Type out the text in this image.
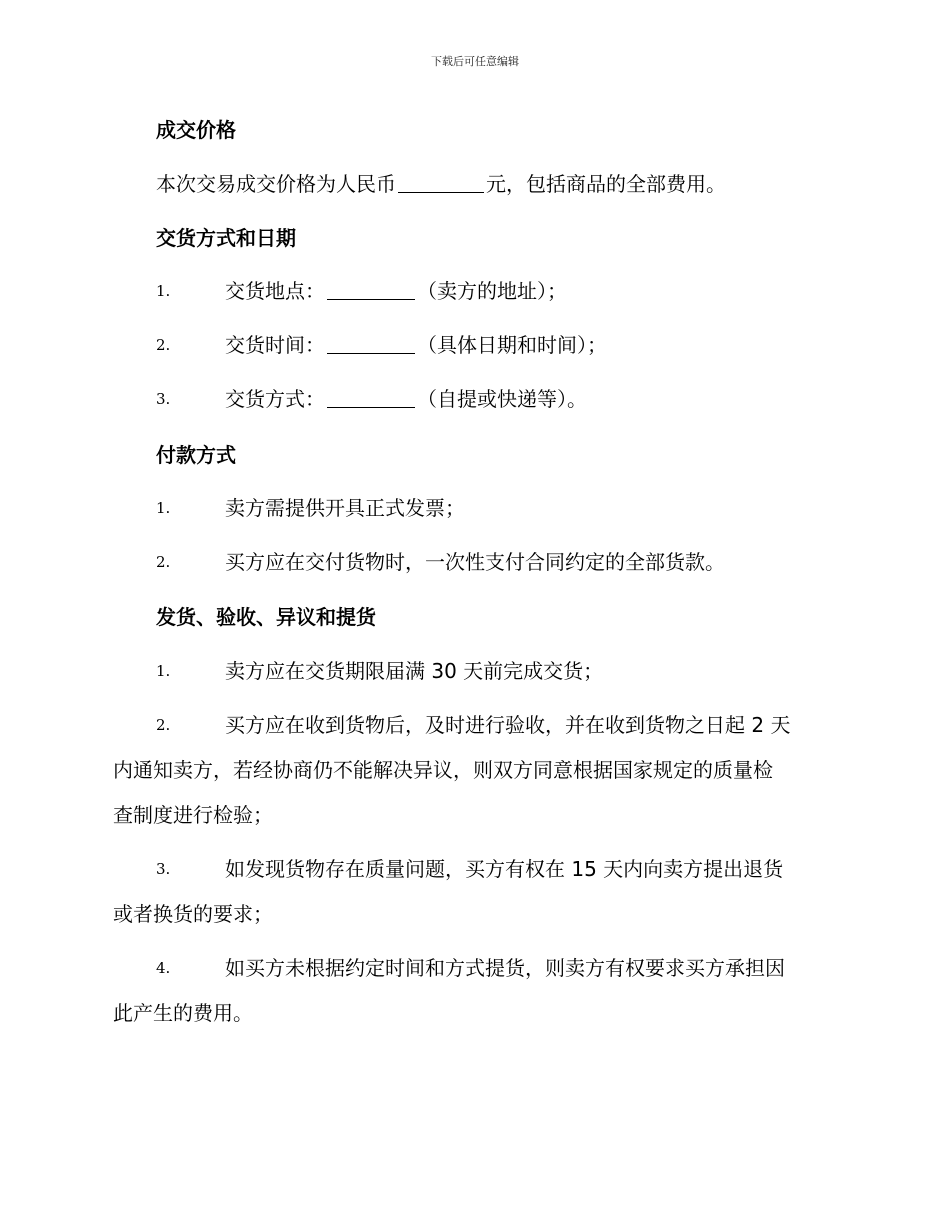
下载后可任意编辑
成交价格
本次交易成交价格为人民币	元，包括商品的全部费用。
交货方式和日期
1.	交货地点：	（卖方的地址）；
2.	交货时间：	（具体日期和时间）；
3.	交货方式：	（自提或快递等）。
付款方式
1.	卖方需提供开具正式发票；
2.	买方应在交付货物时，一次性支付合同约定的全部货款。
发货、验收、异议和提货
1.	卖方应在交货期限届满 30 天前完成交货；
2.	买方应在收到货物后，及时进行验收，并在收到货物之日起 2 天
内通知卖方，若经协商仍不能解决异议，则双方同意根据国家规定的质量检
查制度进行检验；
3.	如发现货物存在质量问题，买方有权在 15 天内向卖方提出退货
或者换货的要求；
4.	如买方未根据约定时间和方式提货，则卖方有权要求买方承担因
此产生的费用。
